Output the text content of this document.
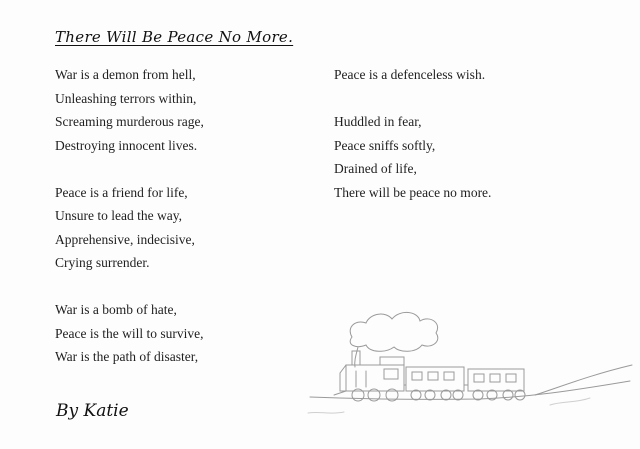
There Will Be Peace No More.
War is a demon from hell,
Unleashing terrors within,
Screaming murderous rage,
Destroying innocent lives.
Peace is a friend for life,
Unsure to lead the way,
Apprehensive, indecisive,
Crying surrender.
War is a bomb of hate,
Peace is the will to survive,
War is the path of disaster,
Peace is a defenceless wish.
Huddled in fear,
Peace sniffs softly,
Drained of life,
There will be peace no more.
By Katie
